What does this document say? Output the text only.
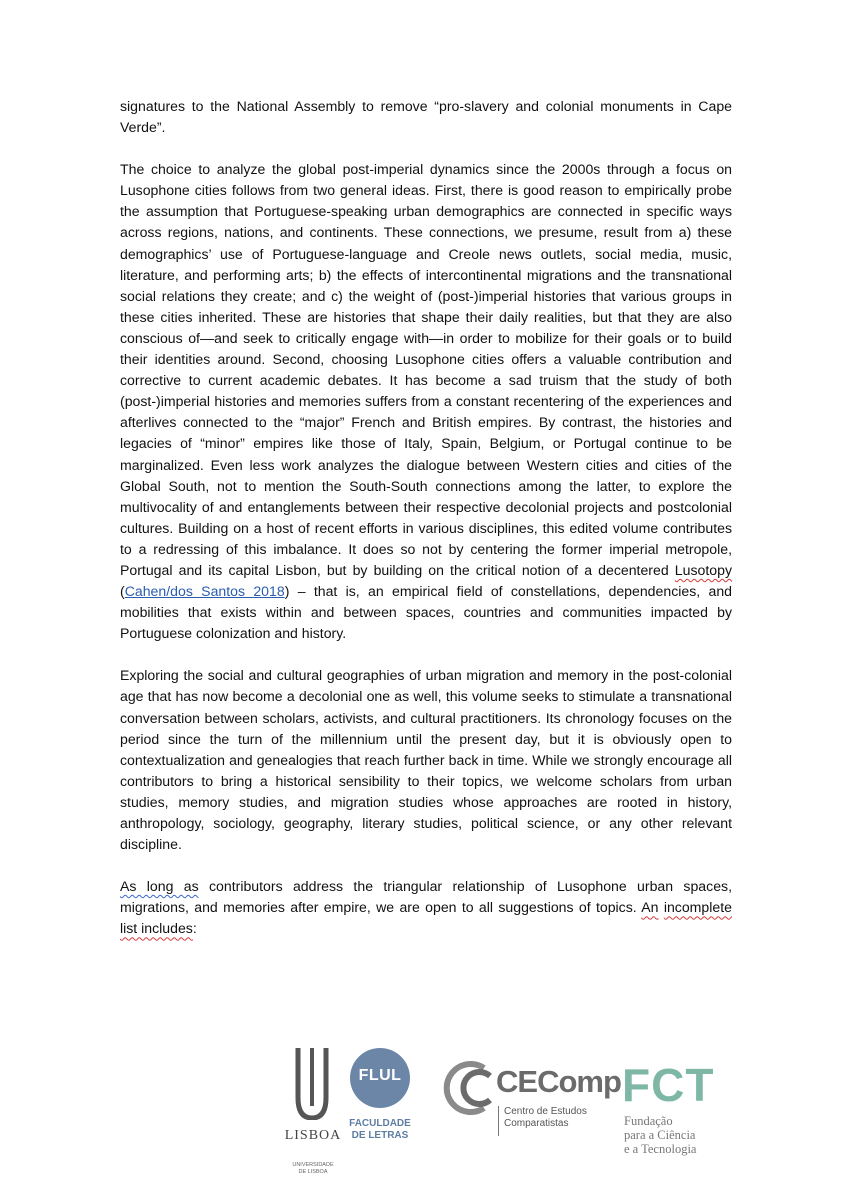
signatures to the National Assembly to remove “pro-slavery and colonial monuments in Cape Verde”.

The choice to analyze the global post-imperial dynamics since the 2000s through a focus on Lusophone cities follows from two general ideas. First, there is good reason to empirically probe the assumption that Portuguese-speaking urban demographics are connected in specific ways across regions, nations, and continents. These connections, we presume, result from a) these demographics’ use of Portuguese-language and Creole news outlets, social media, music, literature, and performing arts; b) the effects of intercontinental migrations and the transnational social relations they create; and c) the weight of (post-)imperial histories that various groups in these cities inherited. These are histories that shape their daily realities, but that they are also conscious of—and seek to critically engage with—in order to mobilize for their goals or to build their identities around. Second, choosing Lusophone cities offers a valuable contribution and corrective to current academic debates. It has become a sad truism that the study of both (post-)imperial histories and memories suffers from a constant recentering of the experiences and afterlives connected to the “major” French and British empires. By contrast, the histories and legacies of “minor” empires like those of Italy, Spain, Belgium, or Portugal continue to be marginalized. Even less work analyzes the dialogue between Western cities and cities of the Global South, not to mention the South-South connections among the latter, to explore the multivocality of and entanglements between their respective decolonial projects and postcolonial cultures. Building on a host of recent efforts in various disciplines, this edited volume contributes to a redressing of this imbalance. It does so not by centering the former imperial metropole, Portugal and its capital Lisbon, but by building on the critical notion of a decentered Lusotopy (Cahen/dos Santos 2018) – that is, an empirical field of constellations, dependencies, and mobilities that exists within and between spaces, countries and communities impacted by Portuguese colonization and history.

Exploring the social and cultural geographies of urban migration and memory in the post-colonial age that has now become a decolonial one as well, this volume seeks to stimulate a transnational conversation between scholars, activists, and cultural practitioners. Its chronology focuses on the period since the turn of the millennium until the present day, but it is obviously open to contextualization and genealogies that reach further back in time. While we strongly encourage all contributors to bring a historical sensibility to their topics, we welcome scholars from urban studies, memory studies, and migration studies whose approaches are rooted in history, anthropology, sociology, geography, literary studies, political science, or any other relevant discipline.

As long as contributors address the triangular relationship of Lusophone urban spaces, migrations, and memories after empire, we are open to all suggestions of topics. An incomplete list includes:

LISBOA
UNIVERSIDADE
DE LISBOA
FLUL
FACULDADE
DE LETRAS
CEComp
Centro de Estudos
Comparatistas
FCT
Fundação
para a Ciência
e a Tecnologia
